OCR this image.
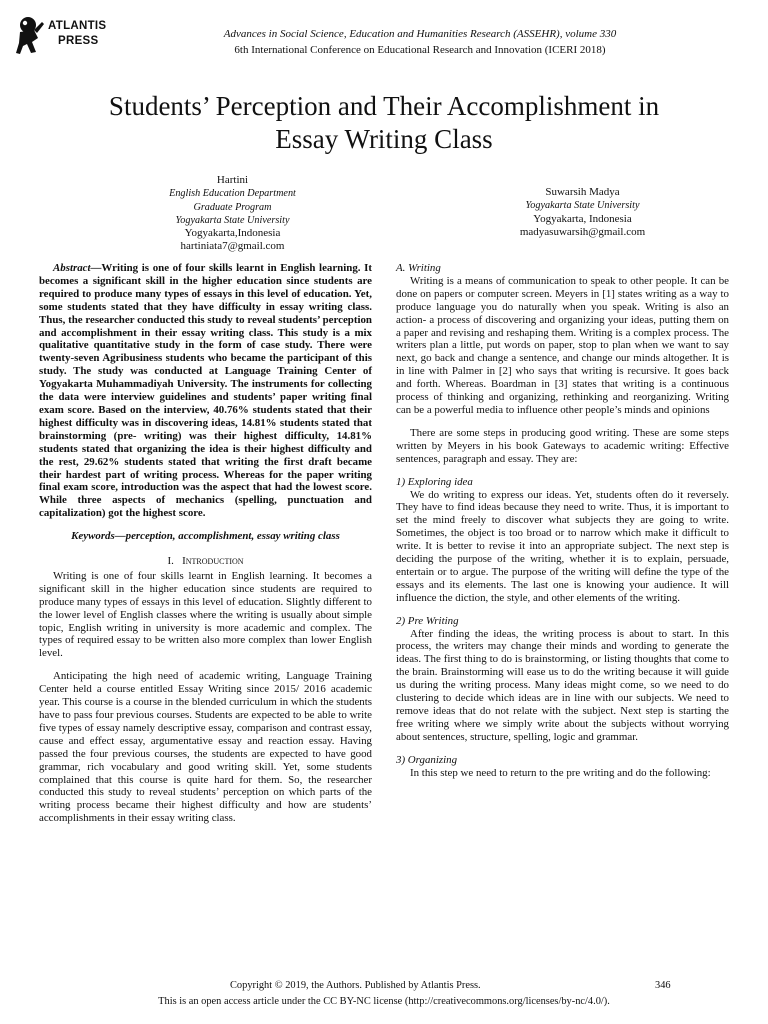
ATLANTIS
PRESS
Advances in Social Science, Education and Humanities Research (ASSEHR), volume 330
6th International Conference on Educational Research and Innovation (ICERI 2018)
Students’ Perception and Their Accomplishment in
Essay Writing Class
Hartini
English Education Department
Graduate Program
Yogyakarta State University
Yogyakarta,Indonesia
hartiniata7@gmail.com
Suwarsih Madya
Yogyakarta State University
Yogyakarta, Indonesia
madyasuwarsih@gmail.com

Abstract—Writing is one of four skills learnt in English learning. It becomes a significant skill in the higher education since students are required to produce many types of essays in this level of education. Yet, some students stated that they have difficulty in essay writing class. Thus, the researcher conducted this study to reveal students’ perception and accomplishment in their essay writing class. This study is a mix qualitative quantitative study in the form of case study. There were twenty-seven Agribusiness students who became the participant of this study. The study was conducted at Language Training Center of Yogyakarta Muhammadiyah University. The instruments for collecting the data were interview guidelines and students’ paper writing final exam score. Based on the interview, 40.76% students stated that their highest difficulty was in discovering ideas, 14.81% students stated that brainstorming (pre- writing) was their highest difficulty, 14.81% students stated that organizing the idea is their highest difficulty and the rest, 29.62% students stated that writing the first draft became their hardest part of writing process. Whereas for the paper writing final exam score, introduction was the aspect that had the lowest score. While three aspects of mechanics (spelling, punctuation and capitalization) got the highest score.

Keywords—perception, accomplishment, essay writing class

I. Introduction

Writing is one of four skills learnt in English learning. It becomes a significant skill in the higher education since students are required to produce many types of essays in this level of education. Slightly different to the lower level of English classes where the writing is usually about simple topic, English writing in university is more academic and complex. The types of required essay to be written also more complex than lower English level.

Anticipating the high need of academic writing, Language Training Center held a course entitled Essay Writing since 2015/ 2016 academic year. This course is a course in the blended curriculum in which the students have to pass four previous courses. Students are expected to be able to write five types of essay namely descriptive essay, comparison and contrast essay, cause and effect essay, argumentative essay and reaction essay. Having passed the four previous courses, the students are expected to have good grammar, rich vocabulary and good writing skill. Yet, some students complained that this course is quite hard for them. So, the researcher conducted this study to reveal students’ perception on which parts of the writing process became their highest difficulty and how are students’ accomplishments in their essay writing class.

A. Writing

Writing is a means of communication to speak to other people. It can be done on papers or computer screen. Meyers in [1] states writing as a way to produce language you do naturally when you speak. Writing is also an action- a process of discovering and organizing your ideas, putting them on a paper and revising and reshaping them. Writing is a complex process. The writers plan a little, put words on paper, stop to plan when we want to say next, go back and change a sentence, and change our minds altogether. It is in line with Palmer in [2] who says that writing is recursive. It goes back and forth. Whereas. Boardman in [3] states that writing is a continuous process of thinking and organizing, rethinking and reorganizing. Writing can be a powerful media to influence other people’s minds and opinions

There are some steps in producing good writing. These are some steps written by Meyers in his book Gateways to academic writing: Effective sentences, paragraph and essay. They are:

1) Exploring idea

We do writing to express our ideas. Yet, students often do it reversely. They have to find ideas because they need to write. Thus, it is important to set the mind freely to discover what subjects they are going to write. Sometimes, the object is too broad or to narrow which make it difficult to write. It is better to revise it into an appropriate subject. The next step is deciding the purpose of the writing, whether it is to explain, persuade, entertain or to argue. The purpose of the writing will define the type of the essays and its elements. The last one is knowing your audience. It will influence the diction, the style, and other elements of the writing.

2) Pre Writing

After finding the ideas, the writing process is about to start. In this process, the writers may change their minds and wording to generate the ideas. The first thing to do is brainstorming, or listing thoughts that come to the brain. Brainstorming will ease us to do the writing because it will guide us during the writing process. Many ideas might come, so we need to do clustering to decide which ideas are in line with our subjects. We need to remove ideas that do not relate with the subject. Next step is starting the free writing where we simply write about the subjects without worrying about sentences, structure, spelling, logic and grammar.

3) Organizing

In this step we need to return to the pre writing and do the following:

Copyright © 2019, the Authors. Published by Atlantis Press.	346
This is an open access article under the CC BY-NC license (http://creativecommons.org/licenses/by-nc/4.0/).
